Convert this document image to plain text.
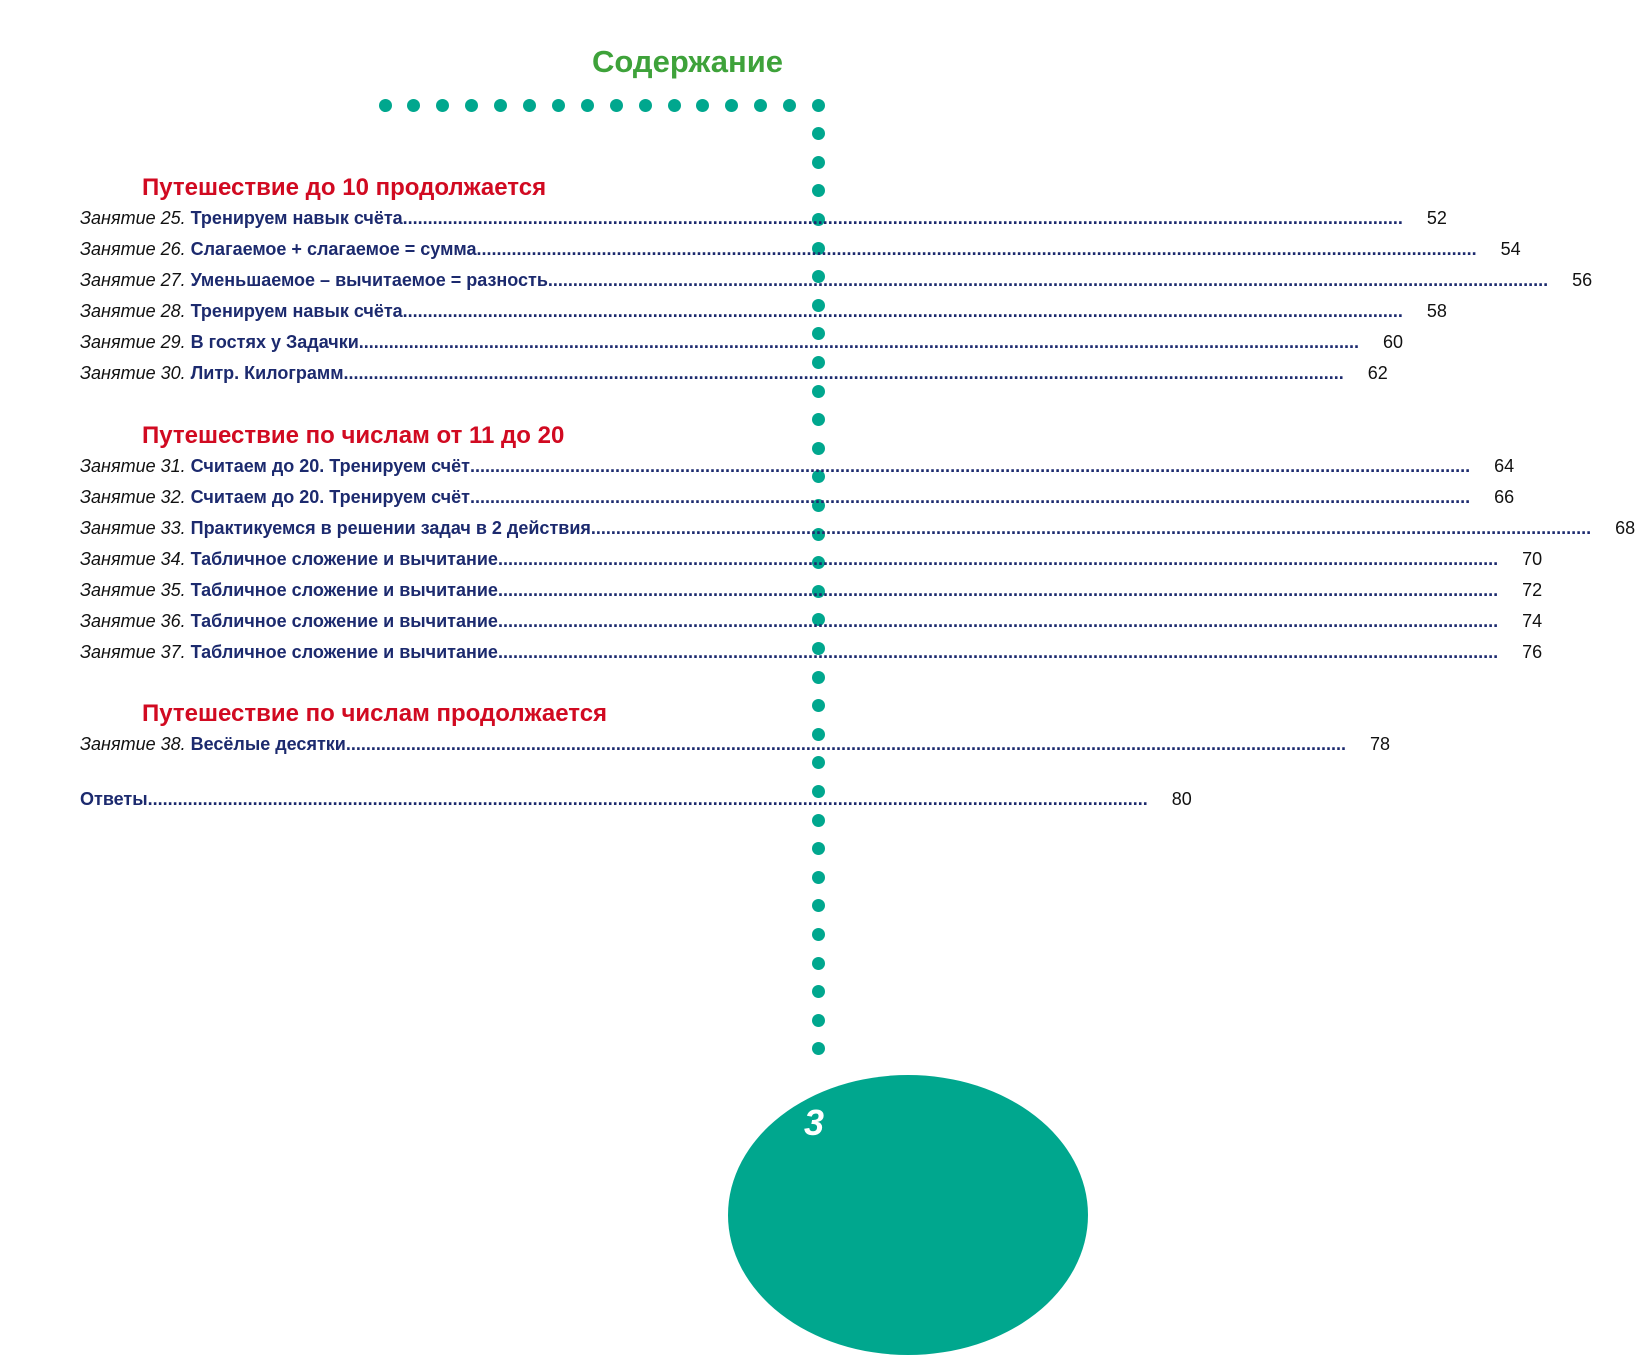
Содержание
Путешествие до 10 продолжается
Занятие 25. Тренируем навык счёта ........................................................................................................................................................................................................ 52
Занятие 26. Слагаемое + слагаемое = сумма ........................................................................................................................................................................................................ 54
Занятие 27. Уменьшаемое – вычитаемое = разность ........................................................................................................................................................................................................ 56
Занятие 28. Тренируем навык счёта ........................................................................................................................................................................................................ 58
Занятие 29. В гостях у Задачки ........................................................................................................................................................................................................ 60
Занятие 30. Литр. Килограмм ........................................................................................................................................................................................................ 62
Путешествие по числам от 11 до 20
Занятие 31. Считаем до 20. Тренируем счёт ........................................................................................................................................................................................................ 64
Занятие 32. Считаем до 20. Тренируем счёт ........................................................................................................................................................................................................ 66
Занятие 33. Практикуемся в решении задач в 2 действия ........................................................................................................................................................................................................ 68
Занятие 34. Табличное сложение и вычитание ........................................................................................................................................................................................................ 70
Занятие 35. Табличное сложение и вычитание ........................................................................................................................................................................................................ 72
Занятие 36. Табличное сложение и вычитание ........................................................................................................................................................................................................ 74
Занятие 37. Табличное сложение и вычитание ........................................................................................................................................................................................................ 76
Путешествие по числам продолжается
Занятие 38. Весёлые десятки ........................................................................................................................................................................................................ 78
Ответы ........................................................................................................................................................................................................ 80
3
